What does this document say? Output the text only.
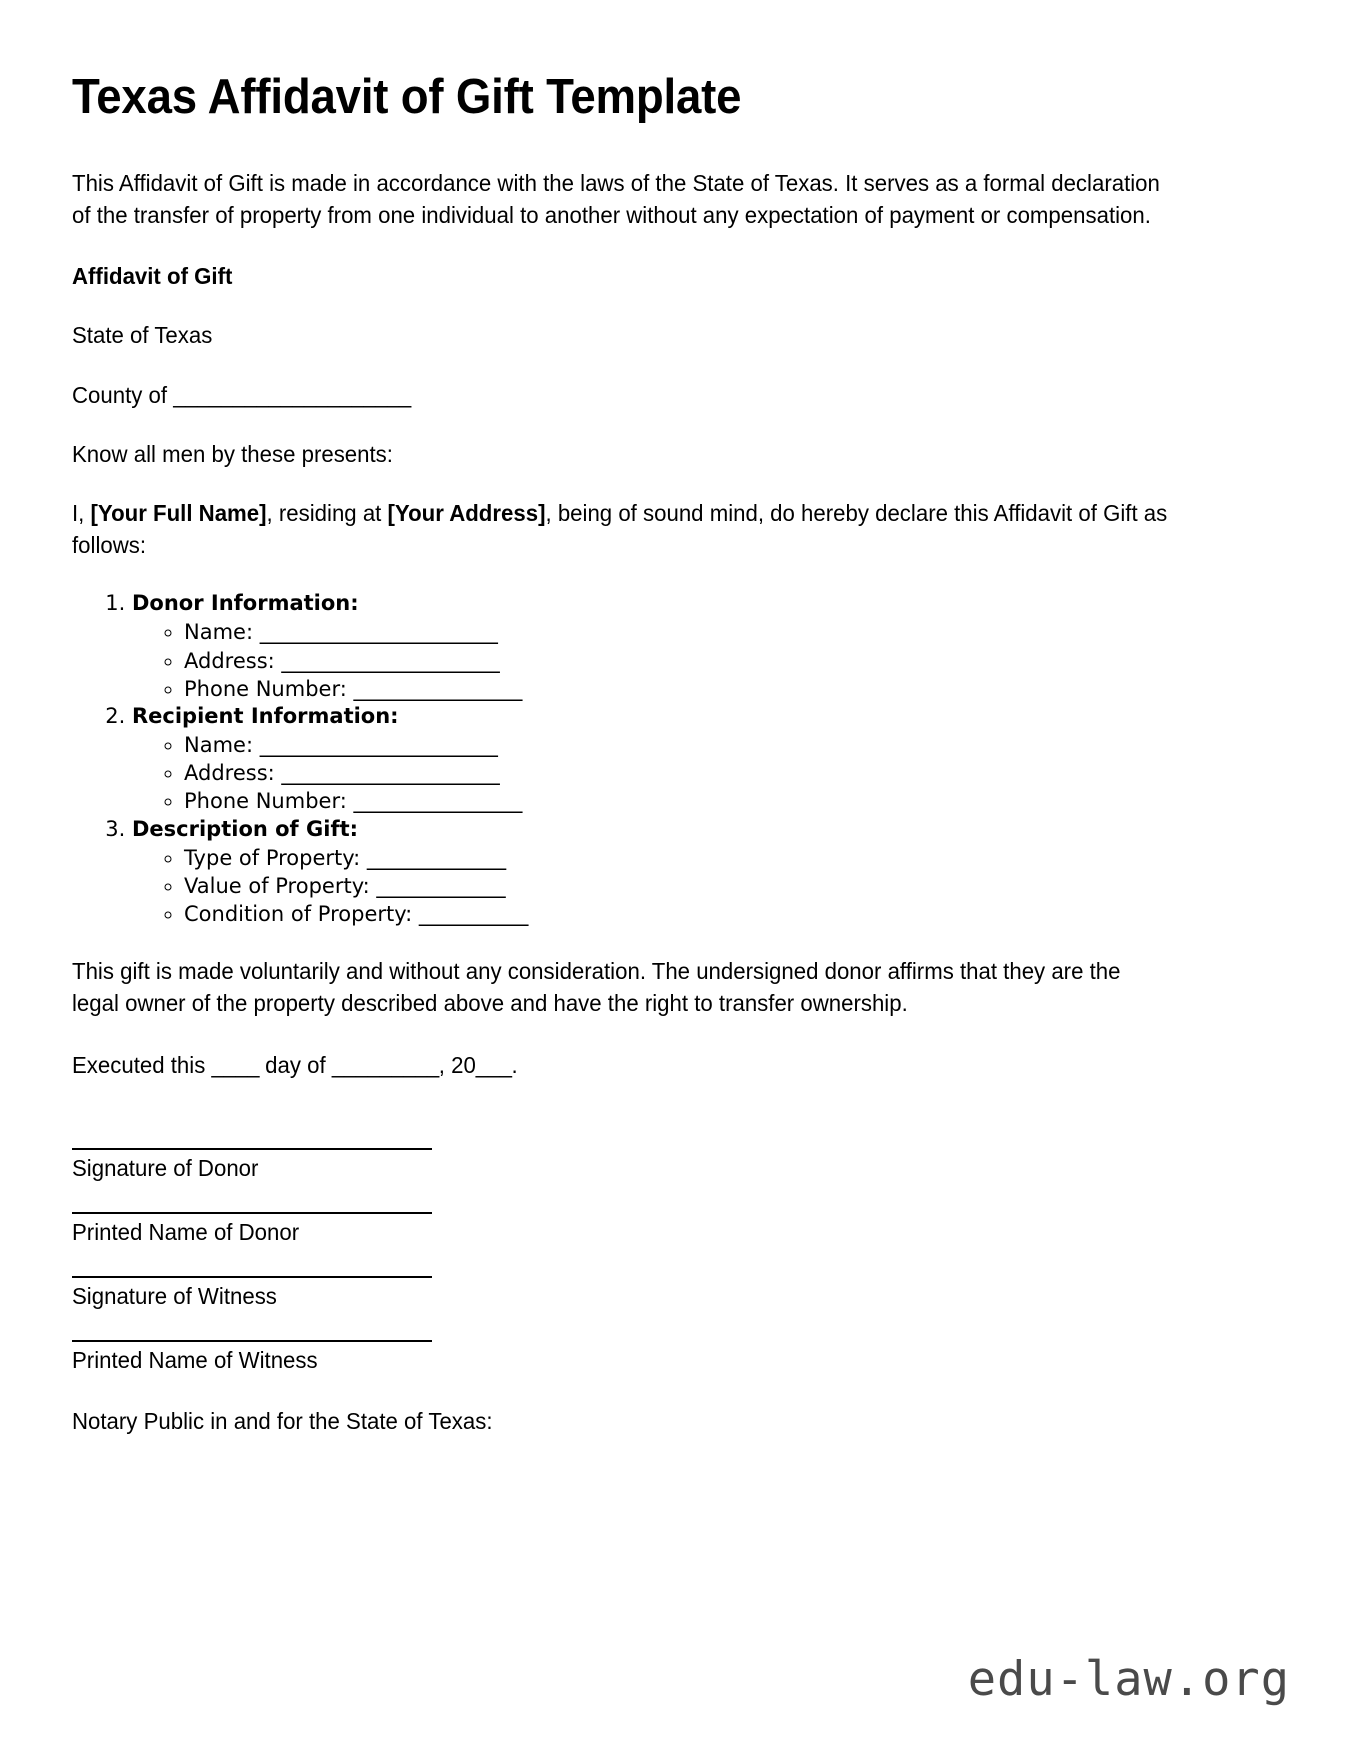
Texas Affidavit of Gift Template

This Affidavit of Gift is made in accordance with the laws of the State of Texas. It serves as a formal declaration of the transfer of property from one individual to another without any expectation of payment or compensation.

Affidavit of Gift

State of Texas

County of ____________________

Know all men by these presents:

I, [Your Full Name], residing at [Your Address], being of sound mind, do hereby declare this Affidavit of Gift as follows:

1. Donor Information:
◦ Name: ________________________
◦ Address: ______________________
◦ Phone Number: _________________
2. Recipient Information:
◦ Name: ________________________
◦ Address: ______________________
◦ Phone Number: _________________
3. Description of Gift:
◦ Type of Property: ______________
◦ Value of Property: _____________
◦ Condition of Property: ___________

This gift is made voluntarily and without any consideration. The undersigned donor affirms that they are the legal owner of the property described above and have the right to transfer ownership.

Executed this ____ day of _________, 20___.

Signature of Donor
Printed Name of Donor
Signature of Witness
Printed Name of Witness

Notary Public in and for the State of Texas:

edu-law.org
